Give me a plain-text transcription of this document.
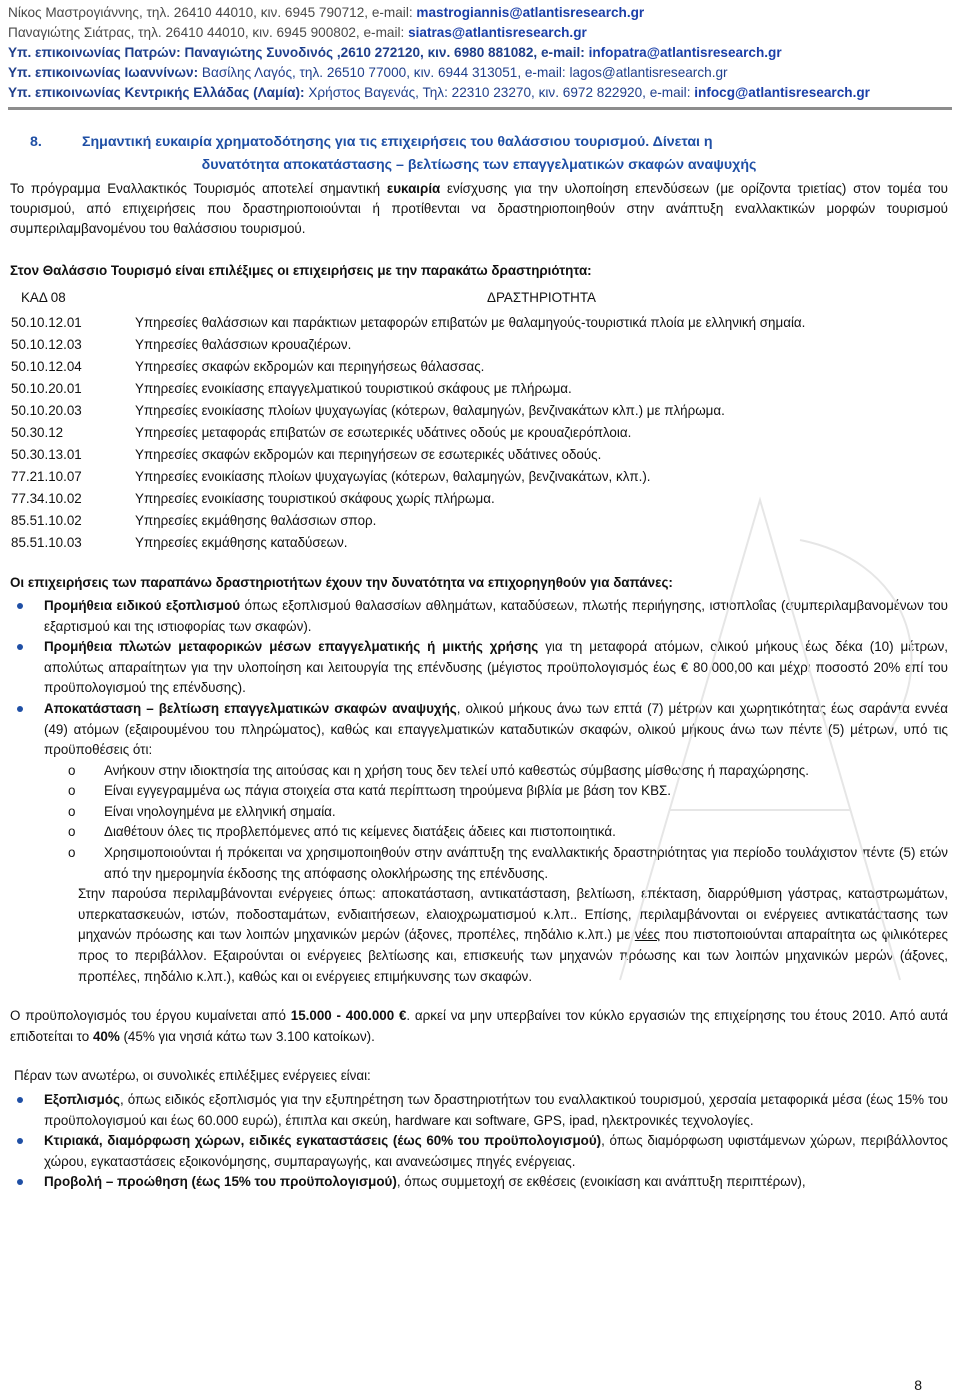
Νίκος Μαστρογιάννης, τηλ. 26410 44010, κιν. 6945 790712, e-mail: mastrogiannis@atlantisresearch.gr
Παναγιώτης Σιάτρας, τηλ. 26410 44010, κιν. 6945 900802, e-mail: siatras@atlantisresearch.gr
Υπ. επικοινωνίας Πατρών: Παναγιώτης Συνοδινός ,2610 272120, κιν. 6980 881082, e-mail: infopatra@atlantisresearch.gr
Υπ. επικοινωνίας Ιωαννίνων: Βασίλης Λαγός, τηλ. 26510 77000, κιν. 6944 313051, e-mail: lagos@atlantisresearch.gr
Υπ. επικοινωνίας Κεντρικής Ελλάδας (Λαμία): Χρήστος Βαγενάς, Τηλ: 22310 23270, κιν. 6972 822920, e-mail: infocg@atlantisresearch.gr
8.	Σημαντική ευκαιρία χρηματοδότησης για τις επιχειρήσεις του θαλάσσιου τουρισμού. Δίνεται η
δυνατότητα αποκατάστασης – βελτίωσης των επαγγελματικών σκαφών αναψυχής

Το πρόγραμμα Εναλλακτικός Τουρισμός αποτελεί σημαντική ευκαιρία ενίσχυσης για την υλοποίηση επενδύσεων (με ορίζοντα τριετίας) στον τομέα του τουρισμού, από επιχειρήσεις που δραστηριοποιούνται ή προτίθενται να δραστηριοποιηθούν στην ανάπτυξη εναλλακτικών μορφών τουρισμού συμπεριλαμβανομένου του θαλάσσιου τουρισμού.

Στον Θαλάσσιο Τουρισμό είναι επιλέξιμες οι επιχειρήσεις με την παρακάτω δραστηριότητα:

ΚΑΔ 08	ΔΡΑΣΤΗΡΙΟΤΗΤΑ
50.10.12.01	Υπηρεσίες θαλάσσιων και παράκτιων μεταφορών επιβατών με θαλαμηγούς-τουριστικά πλοία με ελληνική σημαία.
50.10.12.03	Υπηρεσίες θαλάσσιων κρουαζιέρων.
50.10.12.04	Υπηρεσίες σκαφών εκδρομών και περιηγήσεως θάλασσας.
50.10.20.01	Υπηρεσίες ενοικίασης επαγγελματικού τουριστικού σκάφους με πλήρωμα.
50.10.20.03	Υπηρεσίες ενοικίασης πλοίων ψυχαγωγίας (κότερων, θαλαμηγών, βενζινακάτων κλπ.) με πλήρωμα.
50.30.12	Υπηρεσίες μεταφοράς επιβατών σε εσωτερικές υδάτινες οδούς με κρουαζιερόπλοια.
50.30.13.01	Υπηρεσίες σκαφών εκδρομών και περιηγήσεων σε εσωτερικές υδάτινες οδούς.
77.21.10.07	Υπηρεσίες ενοικίασης πλοίων ψυχαγωγίας (κότερων, θαλαμηγών, βενζινακάτων, κλπ.).
77.34.10.02	Υπηρεσίες ενοικίασης τουριστικού σκάφους χωρίς πλήρωμα.
85.51.10.02	Υπηρεσίες εκμάθησης θαλάσσιων σπορ.
85.51.10.03	Υπηρεσίες εκμάθησης καταδύσεων.

Οι επιχειρήσεις των παραπάνω δραστηριοτήτων έχουν την δυνατότητα να επιχορηγηθούν για δαπάνες:

Προμήθεια ειδικού εξοπλισμού όπως εξοπλισμού θαλασσίων αθλημάτων, καταδύσεων, πλωτής περιήγησης, ιστιοπλοΐας (συμπεριλαμβανομένων του εξαρτισμού και της ιστιοφορίας των σκαφών).
Προμήθεια πλωτών μεταφορικών μέσων επαγγελματικής ή μικτής χρήσης για τη μεταφορά ατόμων, ολικού μήκους έως δέκα (10) μέτρων, απολύτως απαραίτητων για την υλοποίηση και λειτουργία της επένδυσης (μέγιστος προϋπολογισμός έως € 80.000,00 και μέχρι ποσοστό 20% επί του προϋπολογισμού της επένδυσης).
Αποκατάσταση – βελτίωση επαγγελματικών σκαφών αναψυχής, ολικού μήκους άνω των επτά (7) μέτρων και χωρητικότητας έως σαράντα εννέα (49) ατόμων (εξαιρουμένου του πληρώματος), καθώς και επαγγελματικών καταδυτικών σκαφών, ολικού μήκους άνω των πέντε (5) μέτρων, υπό τις προϋποθέσεις ότι:
o Ανήκουν στην ιδιοκτησία της αιτούσας και η χρήση τους δεν τελεί υπό καθεστώς σύμβασης μίσθωσης ή παραχώρησης.
o Είναι εγγεγραμμένα ως πάγια στοιχεία στα κατά περίπτωση τηρούμενα βιβλία με βάση τον ΚΒΣ.
o Είναι νηολογημένα με ελληνική σημαία.
o Διαθέτουν όλες τις προβλεπόμενες από τις κείμενες διατάξεις άδειες και πιστοποιητικά.
o Χρησιμοποιούνται ή πρόκειται να χρησιμοποιηθούν στην ανάπτυξη της εναλλακτικής δραστηριότητας για περίοδο τουλάχιστον πέντε (5) ετών από την ημερομηνία έκδοσης της απόφασης ολοκλήρωσης της επένδυσης.

Στην παρούσα περιλαμβάνονται ενέργειες όπως: αποκατάσταση, αντικατάσταση, βελτίωση, επέκταση, διαρρύθμιση γάστρας, καταστρωμάτων, υπερκατασκευών, ιστών, ποδοσταμάτων, ενδιαιτήσεων, ελαιοχρωματισμού κ.λπ.. Επίσης, περιλαμβάνονται οι ενέργειες αντικατάστασης των μηχανών πρόωσης και των λοιπών μηχανικών μερών (άξονες, προπέλες, πηδάλιο κ.λπ.) με νέες που πιστοποιούνται απαραίτητα ως φιλικότερες προς το περιβάλλον. Εξαιρούνται οι ενέργειες βελτίωσης και, επισκευής των μηχανών πρόωσης και των λοιπών μηχανικών μερών (άξονες, προπέλες, πηδάλιο κ.λπ.), καθώς και οι ενέργειες επιμήκυνσης των σκαφών.

Ο προϋπολογισμός του έργου κυμαίνεται από 15.000 - 400.000 €. αρκεί να μην υπερβαίνει τον κύκλο εργασιών της επιχείρησης του έτους 2010. Από αυτά επιδοτείται το 40% (45% για νησιά κάτω των 3.100 κατοίκων).

Πέραν των ανωτέρω, οι συνολικές επιλέξιμες ενέργειες είναι:

Εξοπλισμός, όπως ειδικός εξοπλισμός για την εξυπηρέτηση των δραστηριοτήτων του εναλλακτικού τουρισμού, χερσαία μεταφορικά μέσα (έως 15% του προϋπολογισμού και έως 60.000 ευρώ), έπιπλα και σκεύη, hardware και software, GPS, ipad, ηλεκτρονικές τεχνολογίες.
Κτιριακά, διαμόρφωση χώρων, ειδικές εγκαταστάσεις (έως 60% του προϋπολογισμού), όπως διαμόρφωση υφιστάμενων χώρων, περιβάλλοντος χώρου, εγκαταστάσεις εξοικονόμησης, συμπαραγωγής, και ανανεώσιμες πηγές ενέργειας.
Προβολή – προώθηση (έως 15% του προϋπολογισμού), όπως συμμετοχή σε εκθέσεις (ενοικίαση και ανάπτυξη περιπτέρων),
8
